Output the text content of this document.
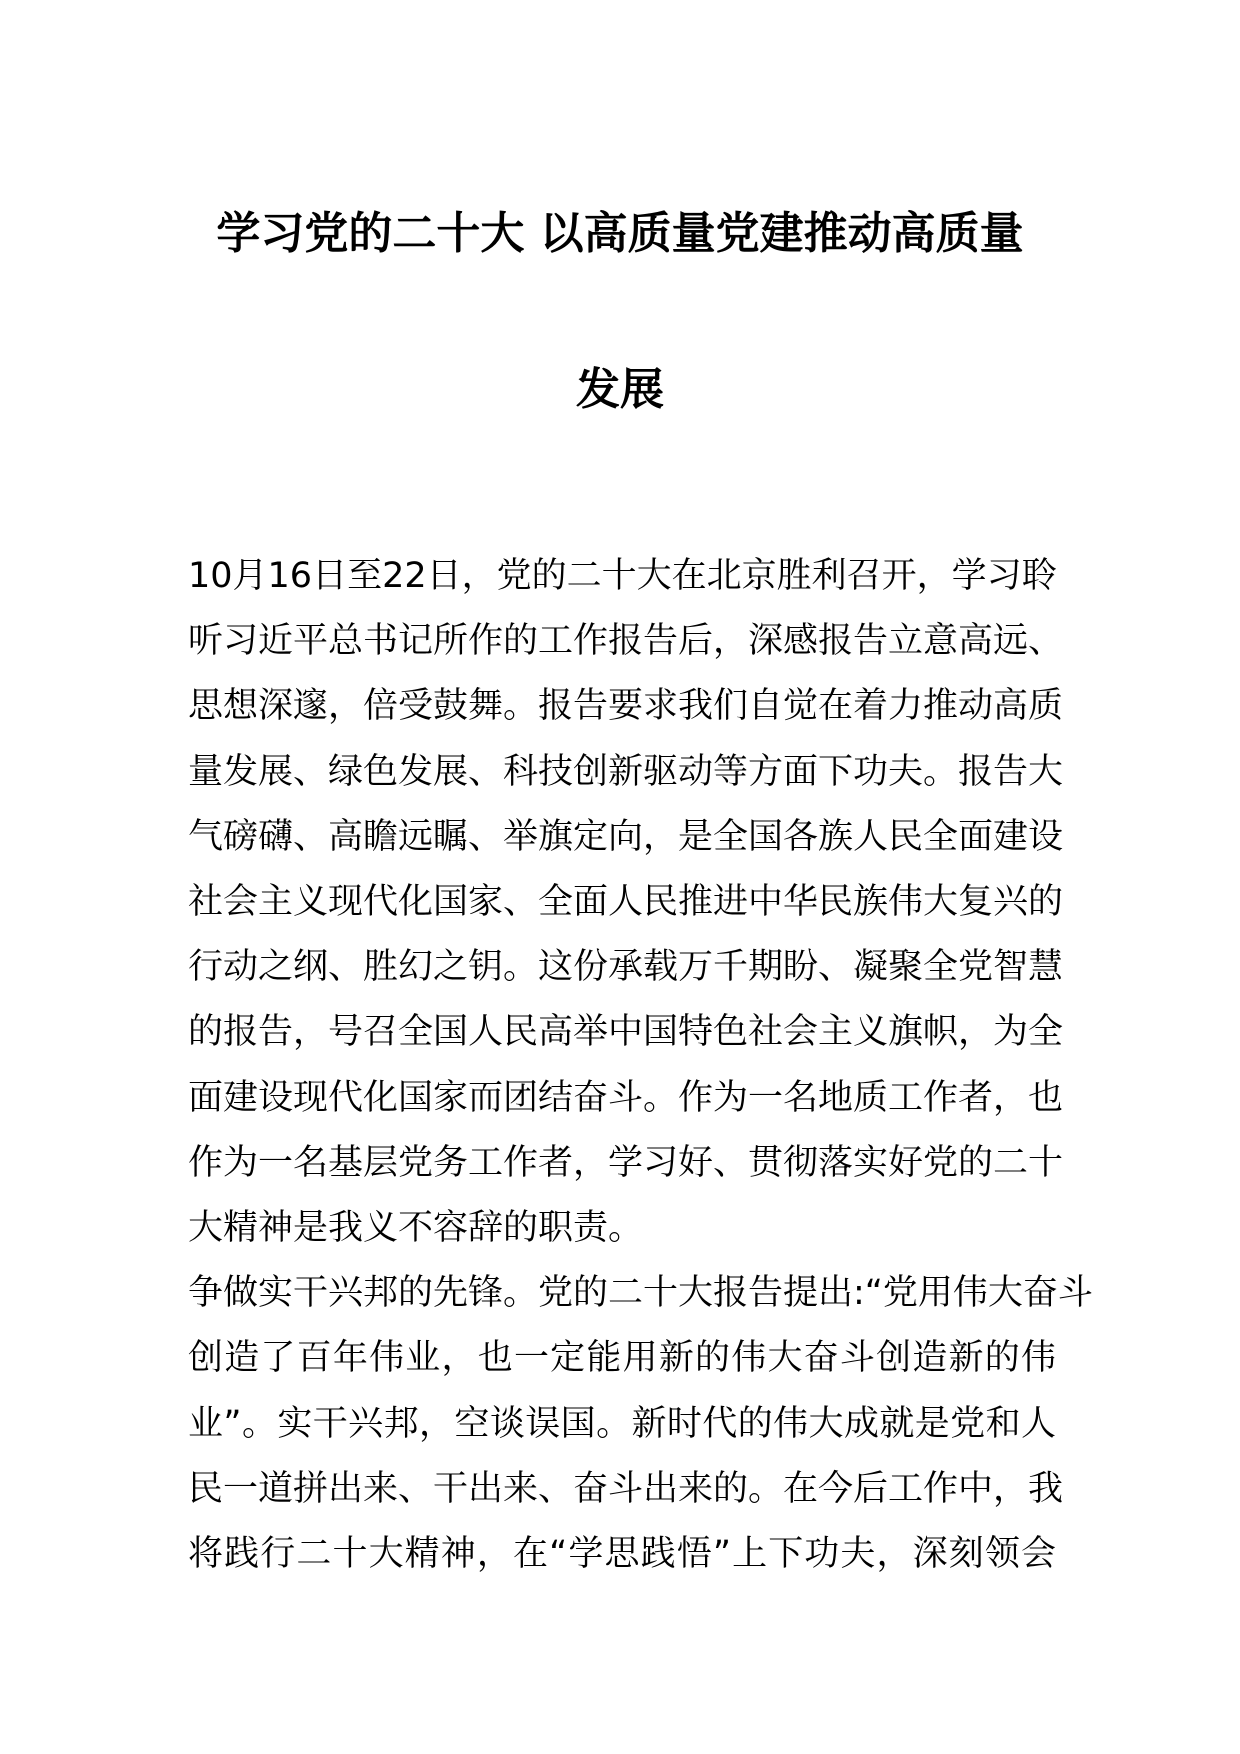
学习党的二十大 以高质量党建推动高质量
发展

10月16日至22日，党的二十大在北京胜利召开，学习聆
听习近平总书记所作的工作报告后，深感报告立意高远、
思想深邃，倍受鼓舞。报告要求我们自觉在着力推动高质
量发展、绿色发展、科技创新驱动等方面下功夫。报告大
气磅礴、高瞻远瞩、举旗定向，是全国各族人民全面建设
社会主义现代化国家、全面人民推进中华民族伟大复兴的
行动之纲、胜幻之钥。这份承载万千期盼、凝聚全党智慧
的报告，号召全国人民高举中国特色社会主义旗帜，为全
面建设现代化国家而团结奋斗。作为一名地质工作者，也
作为一名基层党务工作者，学习好、贯彻落实好党的二十
大精神是我义不容辞的职责。

争做实干兴邦的先锋。党的二十大报告提出:“党用伟大奋斗
创造了百年伟业，也一定能用新的伟大奋斗创造新的伟
业”。实干兴邦，空谈误国。新时代的伟大成就是党和人
民一道拼出来、干出来、奋斗出来的。在今后工作中，我
将践行二十大精神，在“学思践悟”上下功夫，深刻领会
